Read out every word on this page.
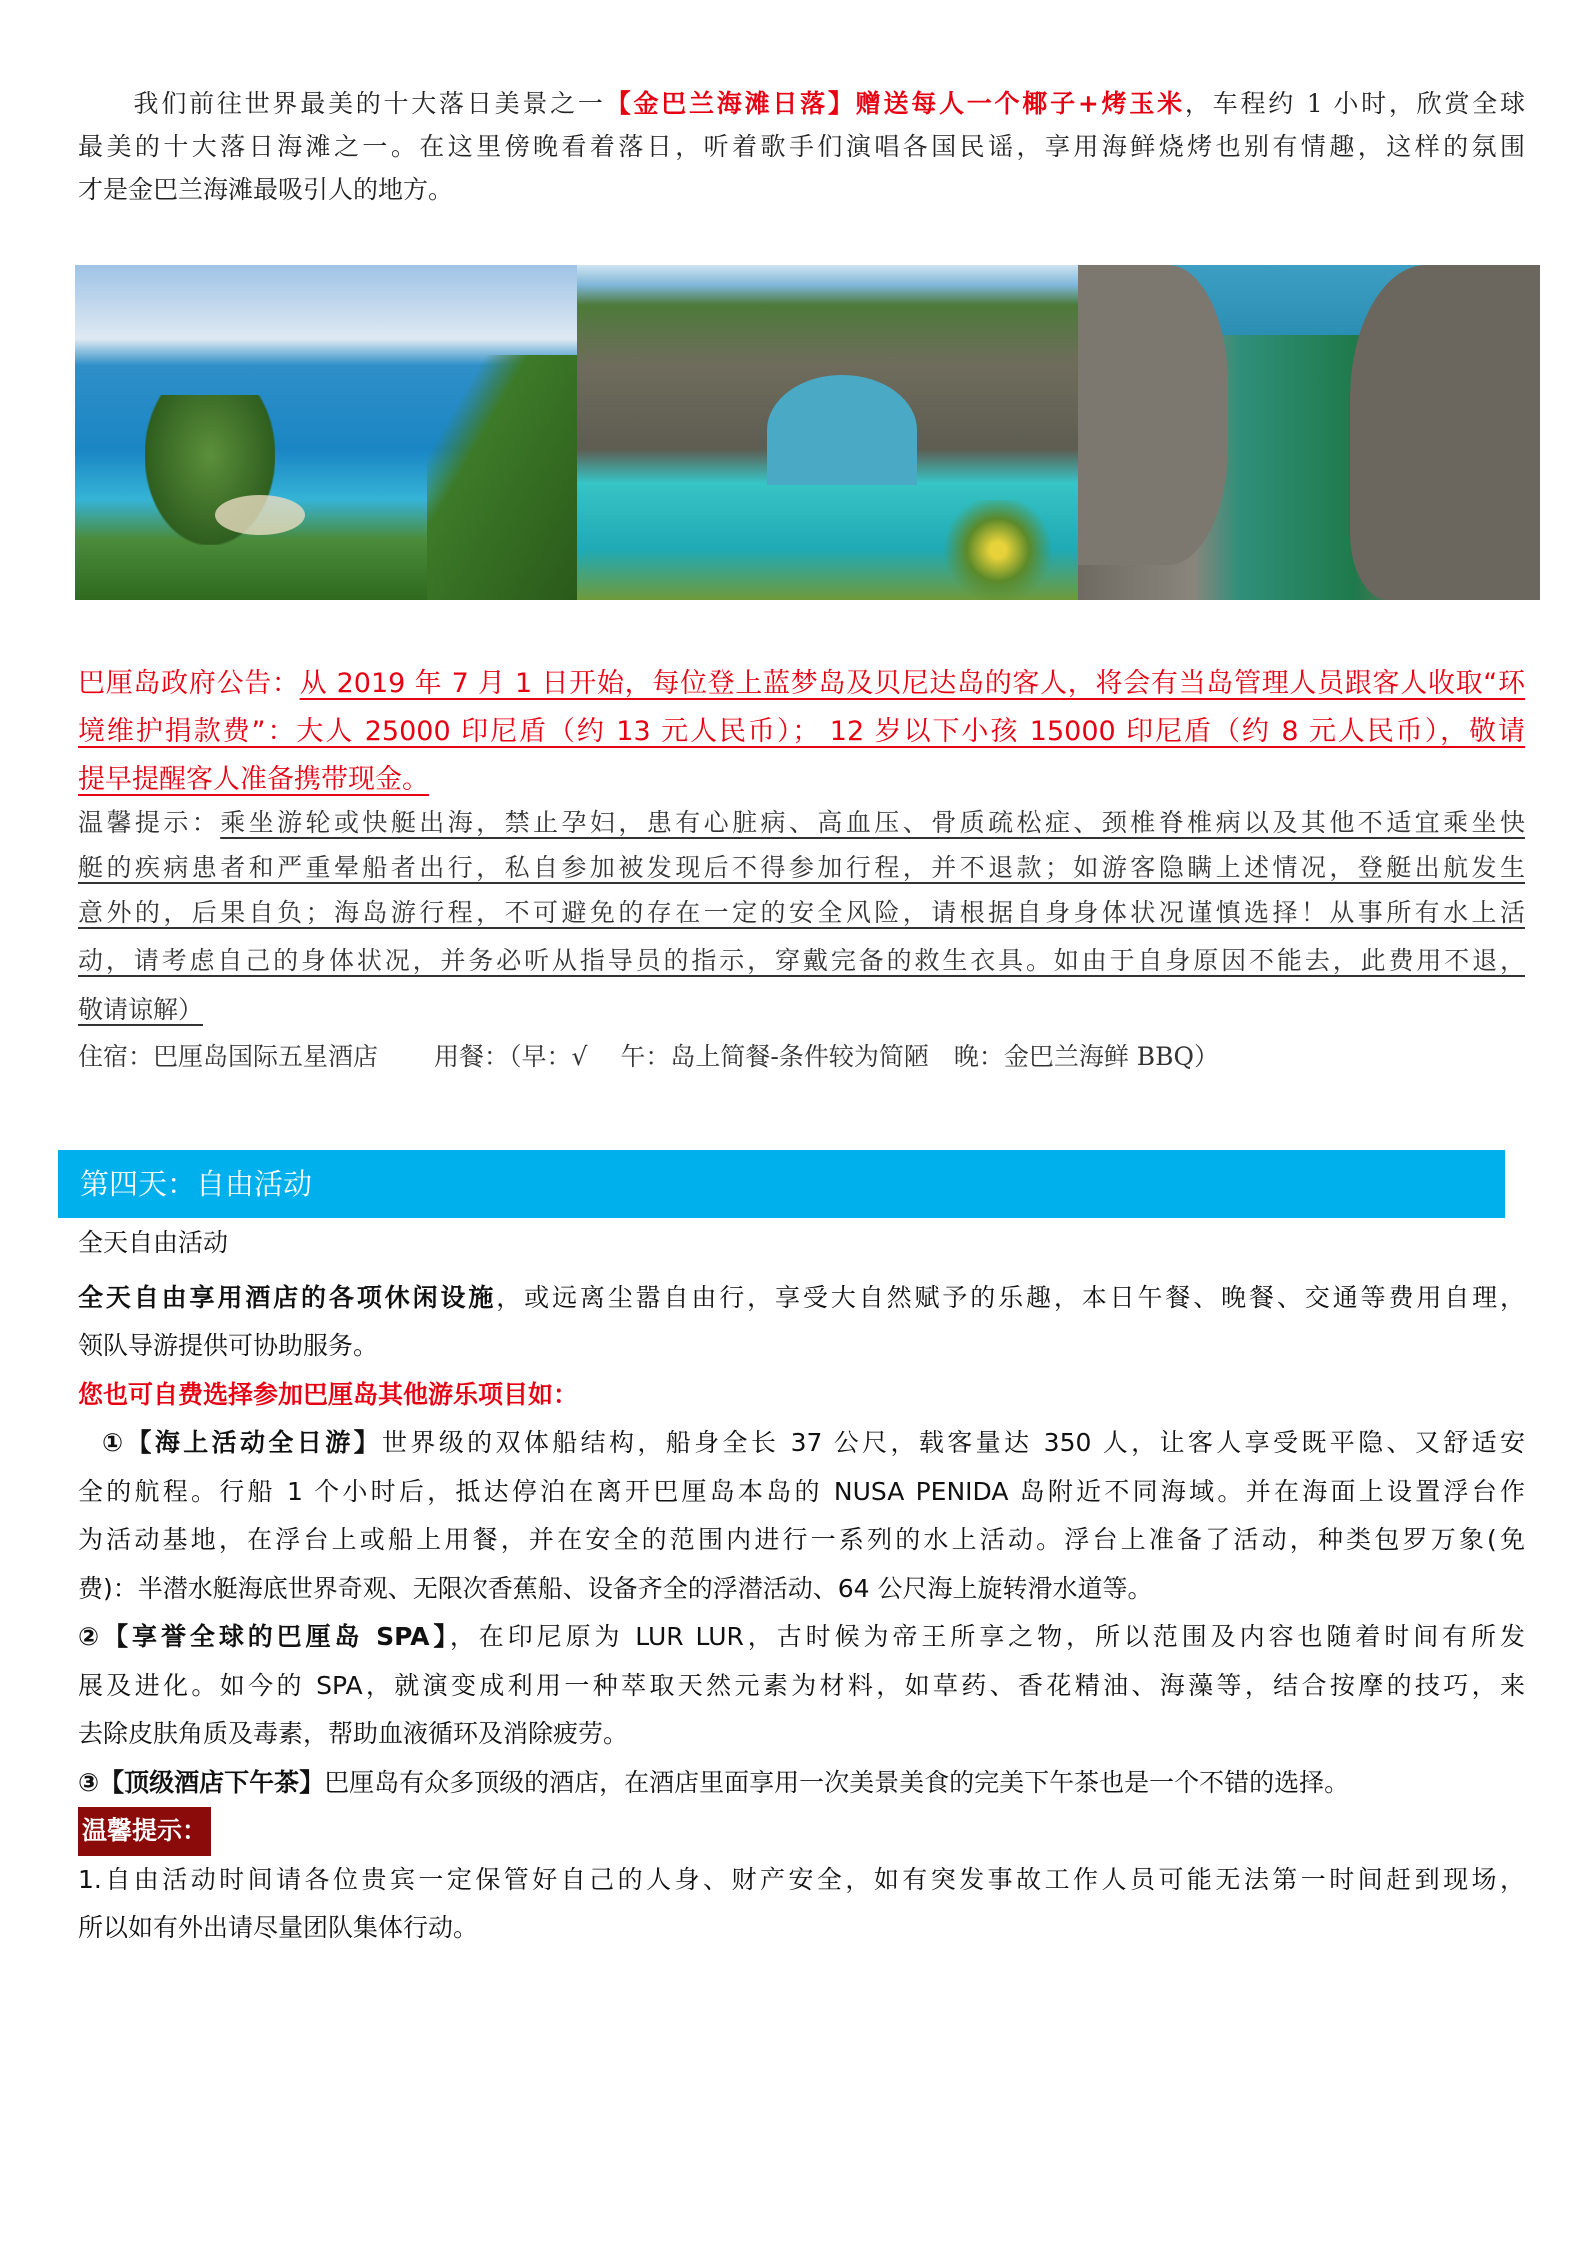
　　我们前往世界最美的十大落日美景之一【金巴兰海滩日落】赠送每人一个椰子+烤玉米，车程约 1 小时，欣赏全球
最美的十大落日海滩之一。在这里傍晚看着落日，听着歌手们演唱各国民谣，享用海鲜烧烤也别有情趣，这样的氛围
才是金巴兰海滩最吸引人的地方。
巴厘岛政府公告：从 2019 年 7 月 1 日开始，每位登上蓝梦岛及贝尼达岛的客人，将会有当岛管理人员跟客人收取“环
境维护捐款费”：大人 25000 印尼盾（约 13 元人民币）； 12 岁以下小孩 15000 印尼盾（约 8 元人民币），敬请
提早提醒客人准备携带现金。
温馨提示：乘坐游轮或快艇出海，禁止孕妇，患有心脏病、高血压、骨质疏松症、颈椎脊椎病以及其他不适宜乘坐快
艇的疾病患者和严重晕船者出行，私自参加被发现后不得参加行程，并不退款；如游客隐瞒上述情况，登艇出航发生
意外的，后果自负；海岛游行程，不可避免的存在一定的安全风险，请根据自身身体状况谨慎选择！从事所有水上活
动，请考虑自己的身体状况，并务必听从指导员的指示，穿戴完备的救生衣具。如由于自身原因不能去，此费用不退，
敬请谅解）
住宿：巴厘岛国际五星酒店 用餐：（早：√　 午：岛上简餐-条件较为简陋　晚：金巴兰海鲜 BBQ）
第四天：自由活动
全天自由活动
全天自由享用酒店的各项休闲设施，或远离尘嚣自由行，享受大自然赋予的乐趣，本日午餐、晚餐、交通等费用自理，
领队导游提供可协助服务。
您也可自费选择参加巴厘岛其他游乐项目如：
①【海上活动全日游】世界级的双体船结构，船身全长 37 公尺，载客量达 350 人，让客人享受既平隐、又舒适安
全的航程。行船 1 个小时后，抵达停泊在离开巴厘岛本岛的 NUSA PENIDA 岛附近不同海域。并在海面上设置浮台作
为活动基地，在浮台上或船上用餐，并在安全的范围内进行一系列的水上活动。浮台上准备了活动，种类包罗万象(免
费)：半潜水艇海底世界奇观、无限次香蕉船、设备齐全的浮潜活动、64 公尺海上旋转滑水道等。
②【享誉全球的巴厘岛 SPA】，在印尼原为 LUR LUR，古时候为帝王所享之物，所以范围及内容也随着时间有所发
展及进化。如今的 SPA，就演变成利用一种萃取天然元素为材料，如草药、香花精油、海藻等，结合按摩的技巧，来
去除皮肤角质及毒素，帮助血液循环及消除疲劳。
③【顶级酒店下午茶】巴厘岛有众多顶级的酒店，在酒店里面享用一次美景美食的完美下午茶也是一个不错的选择。
温馨提示：
1.自由活动时间请各位贵宾一定保管好自己的人身、财产安全，如有突发事故工作人员可能无法第一时间赶到现场，
所以如有外出请尽量团队集体行动。
